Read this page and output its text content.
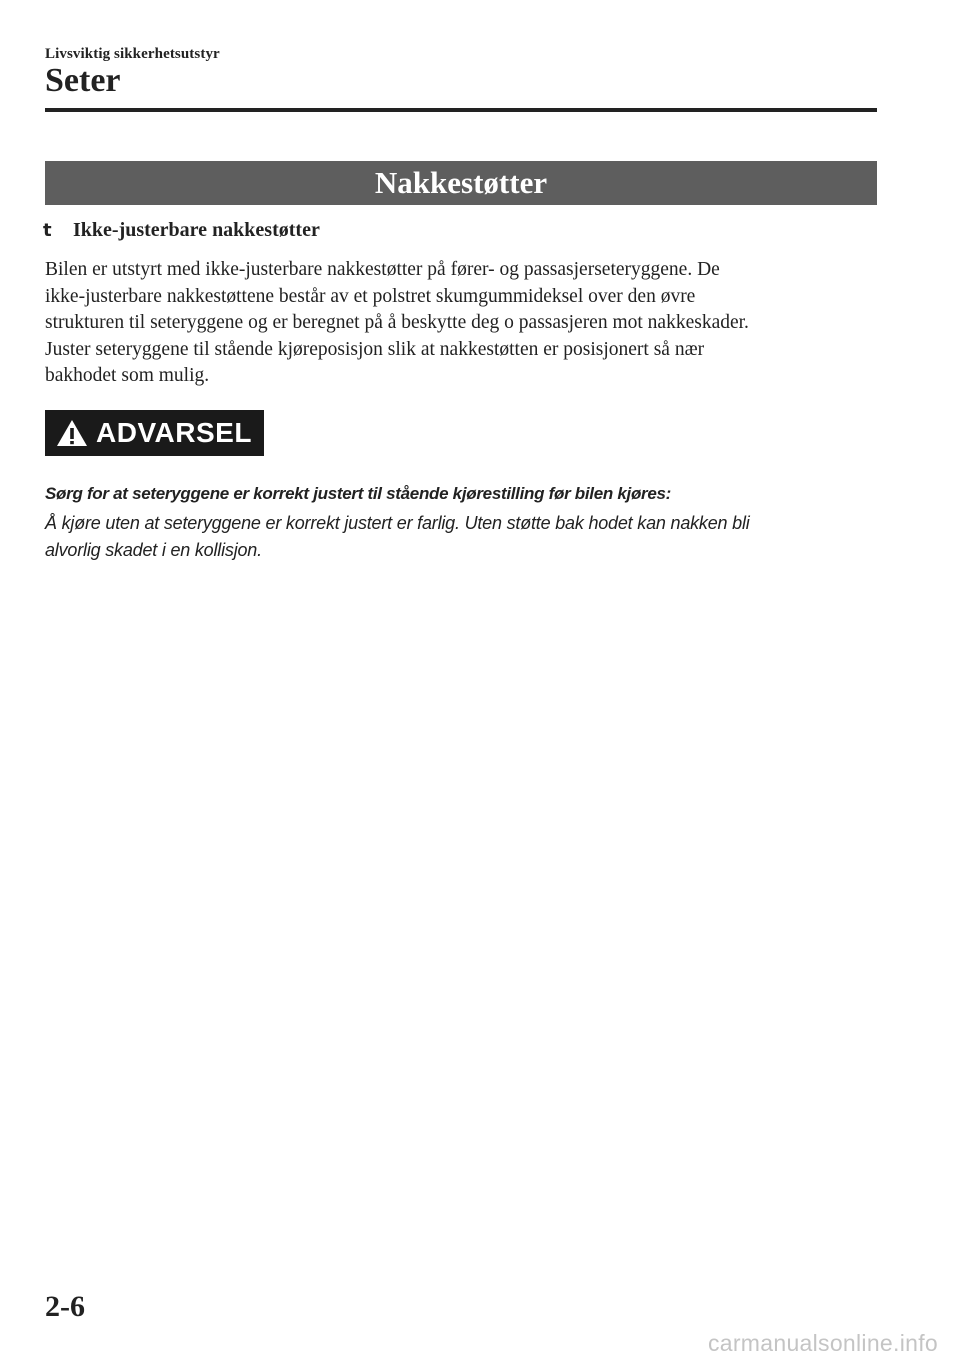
Livsviktig sikkerhetsutstyr
Seter
Nakkestøtter
t	Ikke-justerbare nakkestøtter

Bilen er utstyrt med ikke-justerbare nakkestøtter på fører- og passasjerseteryggene. De

ikke-justerbare nakkestøttene består av et polstret skumgummideksel over den øvre

strukturen til seteryggene og er beregnet på å beskytte deg o passasjeren mot nakkeskader.

Juster seteryggene til stående kjøreposisjon slik at nakkestøtten er posisjonert så nær

bakhodet som mulig.

ADVARSEL
Sørg for at seteryggene er korrekt justert til stående kjørestilling før bilen kjøres:
Å kjøre uten at seteryggene er korrekt justert er farlig. Uten støtte bak hodet kan nakken bli
alvorlig skadet i en kollisjon.
2-6
carmanualsonline.info
